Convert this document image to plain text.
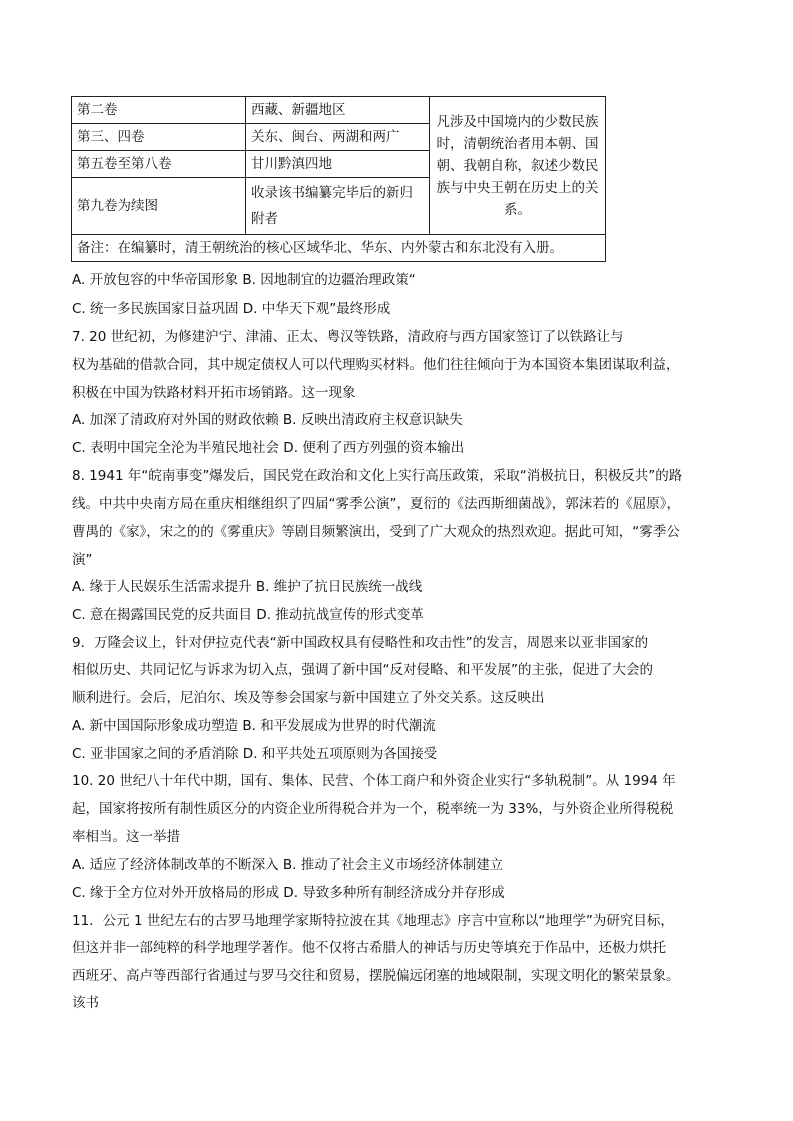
第二卷	西藏、新疆地区	凡涉及中国境内的少数民族时，清朝统治者用本朝、国朝、我朝自称，叙述少数民族与中央王朝在历史上的关系。
第三、四卷	关东、闽台、两湖和两广	
第五卷至第八卷	甘川黔滇四地	
第九卷为续图	收录该书编纂完毕后的新归附者	
备注：在编纂时，清王朝统治的核心区域华北、华东、内外蒙古和东北没有入册。		
A. 开放包容的中华帝国形象 B. 因地制宜的边疆治理政策“
C. 统一多民族国家日益巩固 D. 中华天下观”最终形成
7. 20 世纪初，为修建沪宁、津浦、正太、粤汉等铁路，清政府与西方国家签订了以铁路让与
权为基础的借款合同，其中规定债权人可以代理购买材料。他们往往倾向于为本国资本集团谋取利益，
积极在中国为铁路材料开拓市场销路。这一现象
A. 加深了清政府对外国的财政依赖 B. 反映出清政府主权意识缺失
C. 表明中国完全沦为半殖民地社会 D. 便利了西方列强的资本输出
8. 1941 年“皖南事变”爆发后，国民党在政治和文化上实行高压政策，采取“消极抗日，积极反共”的路
线。中共中央南方局在重庆相继组织了四届“雾季公演”，夏衍的《法西斯细菌战》，郭沫若的《屈原》，
曹禺的《家》，宋之的的《雾重庆》等剧目频繁演出，受到了广大观众的热烈欢迎。据此可知，“雾季公
演”
A. 缘于人民娱乐生活需求提升 B. 维护了抗日民族统一战线
C. 意在揭露国民党的反共面目 D. 推动抗战宣传的形式变革
9．万隆会议上，针对伊拉克代表“新中国政权具有侵略性和攻击性”的发言，周恩来以亚非国家的
相似历史、共同记忆与诉求为切入点，强调了新中国“反对侵略、和平发展”的主张，促进了大会的
顺利进行。会后，尼泊尔、埃及等参会国家与新中国建立了外交关系。这反映出
A. 新中国国际形象成功塑造 B. 和平发展成为世界的时代潮流
C. 亚非国家之间的矛盾消除 D. 和平共处五项原则为各国接受
10. 20 世纪八十年代中期，国有、集体、民营、个体工商户和外资企业实行“多轨税制”。从 1994 年
起，国家将按所有制性质区分的内资企业所得税合并为一个，税率统一为 33%，与外资企业所得税税
率相当。这一举措
A. 适应了经济体制改革的不断深入 B. 推动了社会主义市场经济体制建立
C. 缘于全方位对外开放格局的形成 D. 导致多种所有制经济成分并存形成
11．公元 1 世纪左右的古罗马地理学家斯特拉波在其《地理志》序言中宣称以“地理学”为研究目标，
但这并非一部纯粹的科学地理学著作。他不仅将古希腊人的神话与历史等填充于作品中，还极力烘托
西班牙、高卢等西部行省通过与罗马交往和贸易，摆脱偏远闭塞的地域限制，实现文明化的繁荣景象。
该书
